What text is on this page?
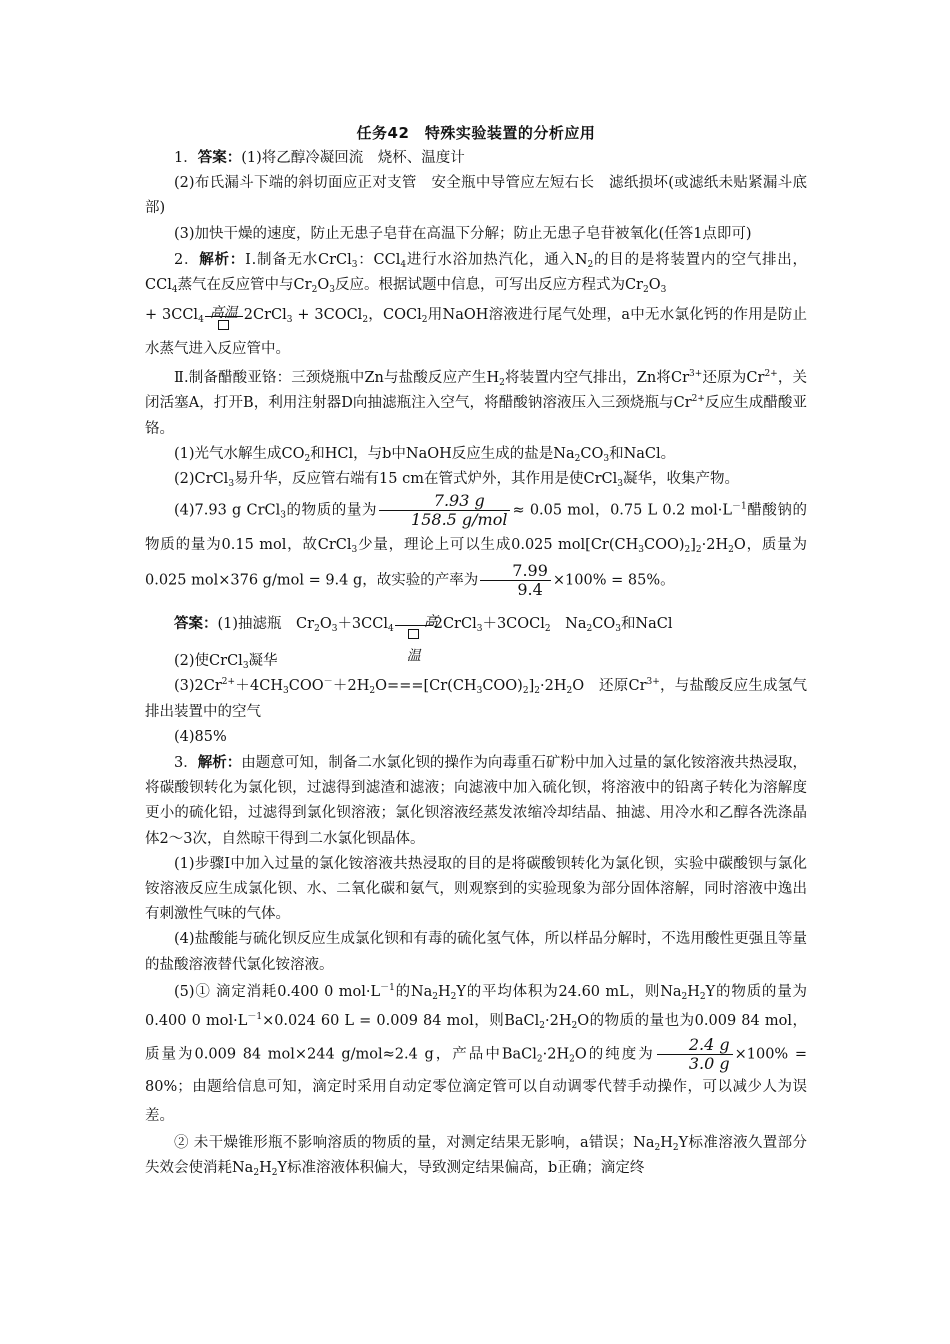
任务42　特殊实验装置的分析应用

1．答案：(1)将乙醇冷凝回流　烧杯、温度计

(2)布氏漏斗下端的斜切面应正对支管　安全瓶中导管应左短右长　滤纸损坏(或滤纸未贴紧漏斗底部)

(3)加快干燥的速度，防止无患子皂苷在高温下分解；防止无患子皂苷被氧化(任答1点即可)

2．解析：Ⅰ.制备无水CrCl$_3$：CCl$_4$进行水浴加热汽化，通入$N_2$的目的是将装置内的空气排出，CCl$_4$蒸气在反应管中与$Cr_2O_3$反应。根据试题中信息，可写出反应方程式为$Cr_2O_3$

+ 3CCl$_4$ 高温 2CrCl$_3$ + 3COCl$_2$，COCl$_2$用NaOH溶液进行尾气处理，a中无水氯化钙的作用是防止水蒸气进入反应管中。

Ⅱ.制备醋酸亚铬：三颈烧瓶中Zn与盐酸反应产生$H_2$将装置内空气排出，Zn将$Cr^{3+}$还原为$Cr^{2+}$，关闭活塞A，打开B，利用注射器D向抽滤瓶注入空气，将醋酸钠溶液压入三颈烧瓶与$Cr^{2+}$反应生成醋酸亚铬。

(1)光气水解生成$CO_2$和HCl，与b中NaOH反应生成的盐是$Na_2CO_3$和NaCl。

(2)CrCl$_3$易升华，反应管右端有15 cm在管式炉外，其作用是使CrCl$_3$凝华，收集产物。

(4)7.93 g CrCl$_3$的物质的量为 $\frac{7.93 g}{\text{158.5 g/mol}} \approx 0.05$ mol，0.75 L 0.2 $mol\cdot L^{-1}$醋酸钠的物质的量为0.15 mol，故CrCl$_3$少量，理论上可以生成0.025 $mol[Cr(CH_3COO)_2]_2\cdot 2H_2O$，质量为0.025 mol×376 g/mol = 9.4 g，故实验的产率为 $\frac{7.99}{9.4} \times 100\% = 85\%$。

答案：(1)抽滤瓶　$Cr_2O_3+3CCl_4$	高温
2CrCl$_3$＋3COCl$_2$　$Na_2CO_3$和NaCl

(2)使CrCl$_3$凝华

$(3)2Cr^{2+}+4CH_3COO^-+2H_2O===[Cr(CH_3COO)_2]_2\cdot 2H_2O$　还原$Cr^{3+}$，与盐酸反应生成氢气排出装置中的空气

(4)85%

3．解析：由题意可知，制备二水氯化钡的操作为向毒重石矿粉中加入过量的氯化铵溶液共热浸取，将碳酸钡转化为氯化钡，过滤得到滤渣和滤液；向滤液中加入硫化钡，将溶液中的铅离子转化为溶解度更小的硫化铅，过滤得到氯化钡溶液；氯化钡溶液经蒸发浓缩冷却结晶、抽滤、用冷水和乙醇各洗涤晶体2～3次，自然晾干得到二水氯化钡晶体。

(1)步骤Ⅰ中加入过量的氯化铵溶液共热浸取的目的是将碳酸钡转化为氯化钡，实验中碳酸钡与氯化铵溶液反应生成氯化钡、水、二氧化碳和氨气，则观察到的实验现象为部分固体溶解，同时溶液中逸出有刺激性气味的气体。

(4)盐酸能与硫化钡反应生成氯化钡和有毒的硫化氢气体，所以样品分解时，不选用酸性更强且等量的盐酸溶液替代氯化铵溶液。

(5)① 滴定消耗0.400 0 $mol\cdot L^{-1}$的$Na_2H_2Y$的平均体积为24.60 mL，则$Na_2H_2Y$的物质的量为0.400 0 $mol\cdot L^{-1}\times 0.024$ 60 L = 0.009 84 mol，则$BaCl_2\cdot 2H_2O$的物质的量也为0.009 84 mol，质量为0.009 84 mol×244 g/mol≈2.4 g，产品中$BaCl_2\cdot 2H_2O$的纯度为 $\frac{2.4 g}{3.0 g} \times 100\% = 80\%$；由题给信息可知，滴定时采用自动定零位滴定管可以自动调零代替手动操作，可以减少人为误差。

② 未干燥锥形瓶不影响溶质的物质的量，对测定结果无影响，a错误；$Na_2H_2Y$标准溶液久置部分失效会使消耗$Na_2H_2Y$标准溶液体积偏大，导致测定结果偏高，b正确；滴定终
